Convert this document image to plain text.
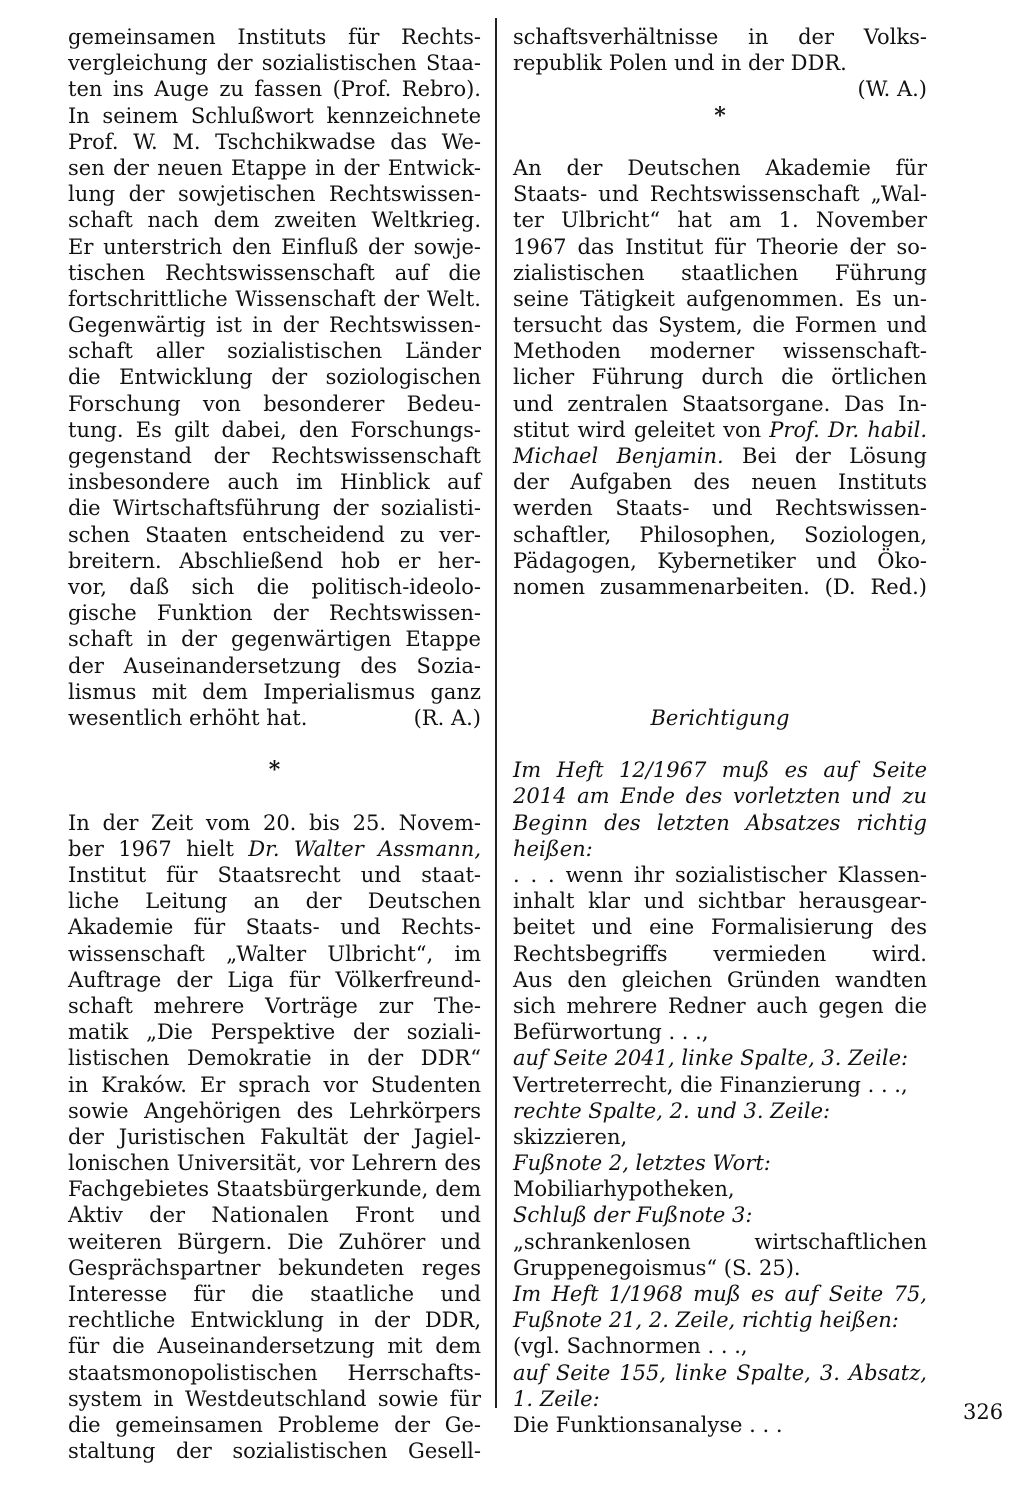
gemeinsamen Instituts für Rechts-
vergleichung der sozialistischen Staa-
ten ins Auge zu fassen (Prof. Rebro).
In seinem Schlußwort kennzeichnete
Prof. W. M. Tschchikwadse das We-
sen der neuen Etappe in der Entwick-
lung der sowjetischen Rechtswissen-
schaft nach dem zweiten Weltkrieg.
Er unterstrich den Einfluß der sowje-
tischen Rechtswissenschaft auf die
fortschrittliche Wissenschaft der Welt.
Gegenwärtig ist in der Rechtswissen-
schaft aller sozialistischen Länder
die Entwicklung der soziologischen
Forschung von besonderer Bedeu-
tung. Es gilt dabei, den Forschungs-
gegenstand der Rechtswissenschaft
insbesondere auch im Hinblick auf
die Wirtschaftsführung der sozialisti-
schen Staaten entscheidend zu ver-
breitern. Abschließend hob er her-
vor, daß sich die politisch-ideolo-
gische Funktion der Rechtswissen-
schaft in der gegenwärtigen Etappe
der Auseinandersetzung des Sozia-
lismus mit dem Imperialismus ganz
wesentlich erhöht hat.	(R. A.)
*
In der Zeit vom 20. bis 25. Novem-
ber 1967 hielt Dr. Walter Assmann,
Institut für Staatsrecht und staat-
liche Leitung an der Deutschen
Akademie für Staats- und Rechts-
wissenschaft „Walter Ulbricht“, im
Auftrage der Liga für Völkerfreund-
schaft mehrere Vorträge zur The-
matik „Die Perspektive der soziali-
listischen Demokratie in der DDR“
in Kraków. Er sprach vor Studenten
sowie Angehörigen des Lehrkörpers
der Juristischen Fakultät der Jagiel-
lonischen Universität, vor Lehrern des
Fachgebietes Staatsbürgerkunde, dem
Aktiv der Nationalen Front und
weiteren Bürgern. Die Zuhörer und
Gesprächspartner bekundeten reges
Interesse für die staatliche und
rechtliche Entwicklung in der DDR,
für die Auseinandersetzung mit dem
staatsmonopolistischen Herrschafts-
system in Westdeutschland sowie für
die gemeinsamen Probleme der Ge-
staltung der sozialistischen Gesell-
schaftsverhältnisse in der Volks-
republik Polen und in der DDR.
(W. A.)
*
An der Deutschen Akademie für
Staats- und Rechtswissenschaft „Wal-
ter Ulbricht“ hat am 1. November
1967 das Institut für Theorie der so-
zialistischen staatlichen Führung
seine Tätigkeit aufgenommen. Es un-
tersucht das System, die Formen und
Methoden moderner wissenschaft-
licher Führung durch die örtlichen
und zentralen Staatsorgane. Das In-
stitut wird geleitet von Prof. Dr. habil.
Michael Benjamin. Bei der Lösung
der Aufgaben des neuen Instituts
werden Staats- und Rechtswissen-
schaftler, Philosophen, Soziologen,
Pädagogen, Kybernetiker und Öko-
nomen zusammenarbeiten. (D. Red.)
Berichtigung
Im Heft 12/1967 muß es auf Seite
2014 am Ende des vorletzten und zu
Beginn des letzten Absatzes richtig
heißen:
. . . wenn ihr sozialistischer Klassen-
inhalt klar und sichtbar herausgear-
beitet und eine Formalisierung des
Rechtsbegriffs vermieden wird.
Aus den gleichen Gründen wandten
sich mehrere Redner auch gegen die
Befürwortung . . .,
auf Seite 2041, linke Spalte, 3. Zeile:
Vertreterrecht, die Finanzierung . . .,
rechte Spalte, 2. und 3. Zeile:
skizzieren,
Fußnote 2, letztes Wort:
Mobiliarhypotheken,
Schluß der Fußnote 3:
„schrankenlosen wirtschaftlichen
Gruppenegoismus“ (S. 25).
Im Heft 1/1968 muß es auf Seite 75,
Fußnote 21, 2. Zeile, richtig heißen:
(vgl. Sachnormen . . .,
auf Seite 155, linke Spalte, 3. Absatz,
1. Zeile:
Die Funktionsanalyse . . .
326
